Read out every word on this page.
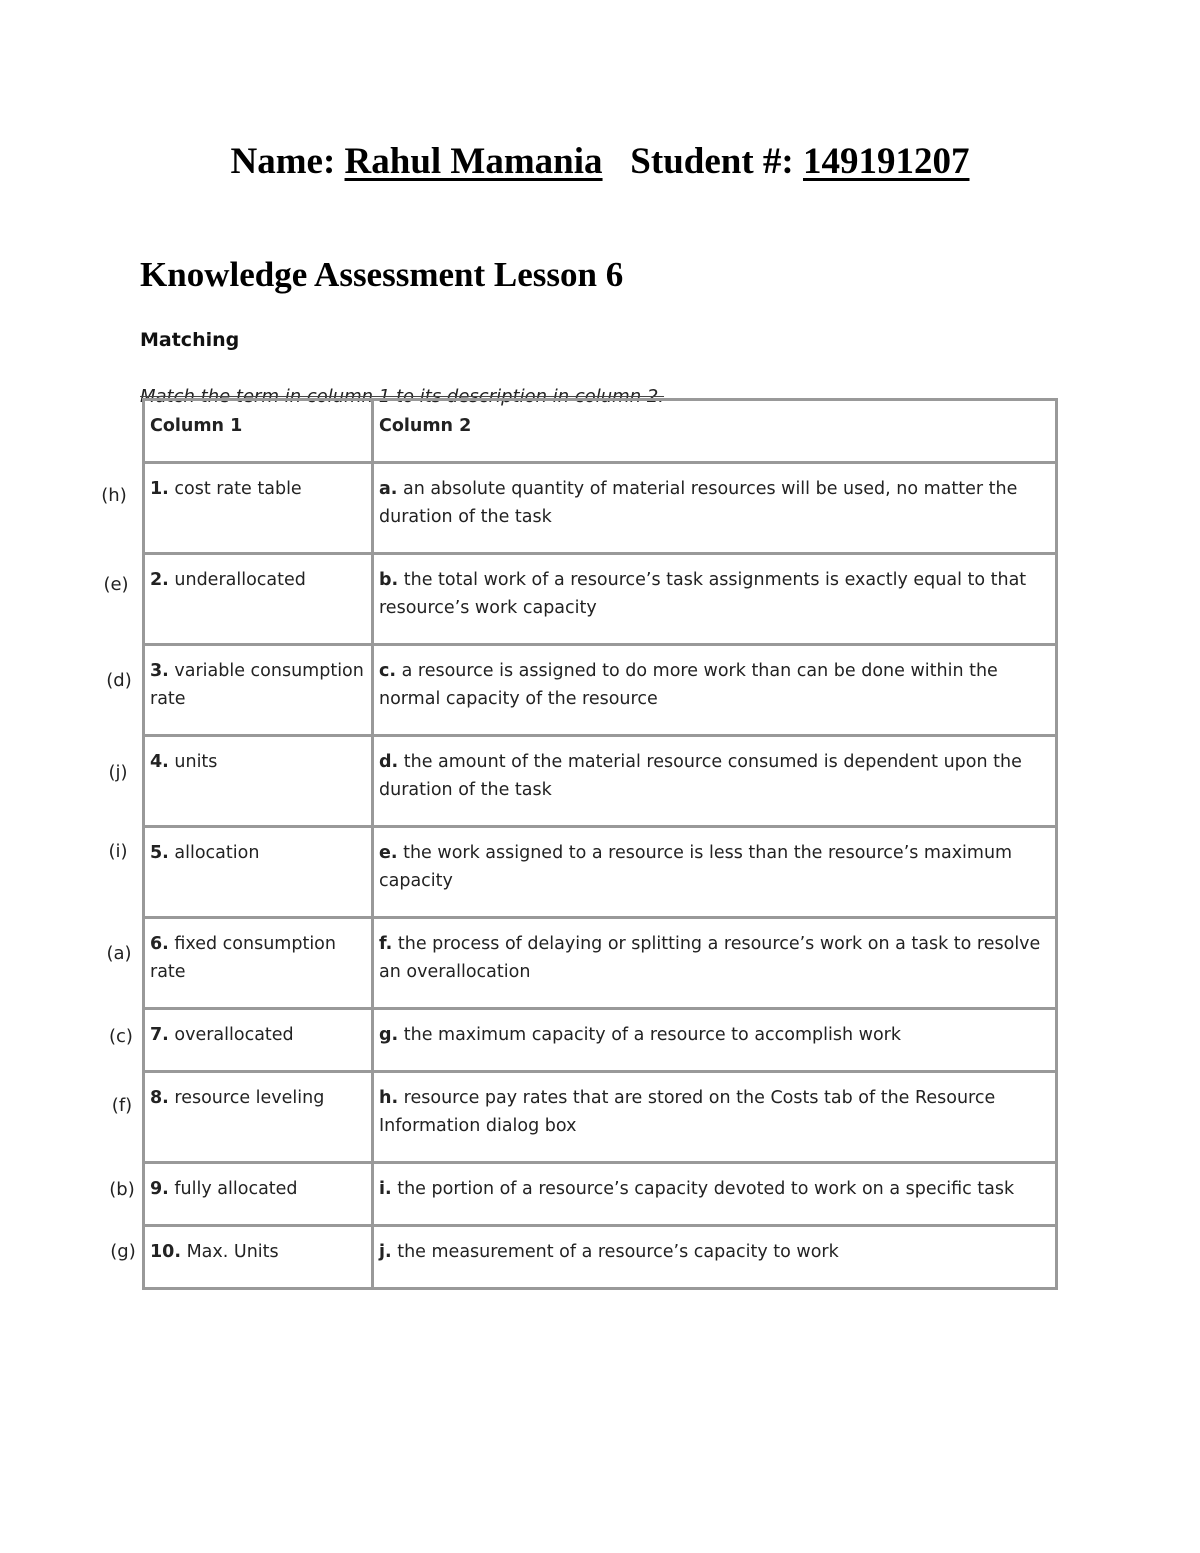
Name: Rahul Mamania Student #: 149191207
Knowledge Assessment Lesson 6
Matching
Match the term in column 1 to its description in column 2.
Column 1	Column 2
1. cost rate table	a. an absolute quantity of material resources will be used, no matter the duration of the task
2. underallocated	b. the total work of a resource’s task assignments is exactly equal to that resource’s work capacity
3. variable consumption rate	c. a resource is assigned to do more work than can be done within the normal capacity of the resource
4. units	d. the amount of the material resource consumed is dependent upon the duration of the task
5. allocation	e. the work assigned to a resource is less than the resource’s maximum capacity
6. fixed consumption rate	f. the process of delaying or splitting a resource’s work on a task to resolve an overallocation
7. overallocated	g. the maximum capacity of a resource to accomplish work
8. resource leveling	h. resource pay rates that are stored on the Costs tab of the Resource Information dialog box
9. fully allocated	i. the portion of a resource’s capacity devoted to work on a specific task
10. Max. Units	j. the measurement of a resource’s capacity to work
(h)
(e)
(d)
(j)
(i)
(a)
(c)
(f)
(b)
(g)
